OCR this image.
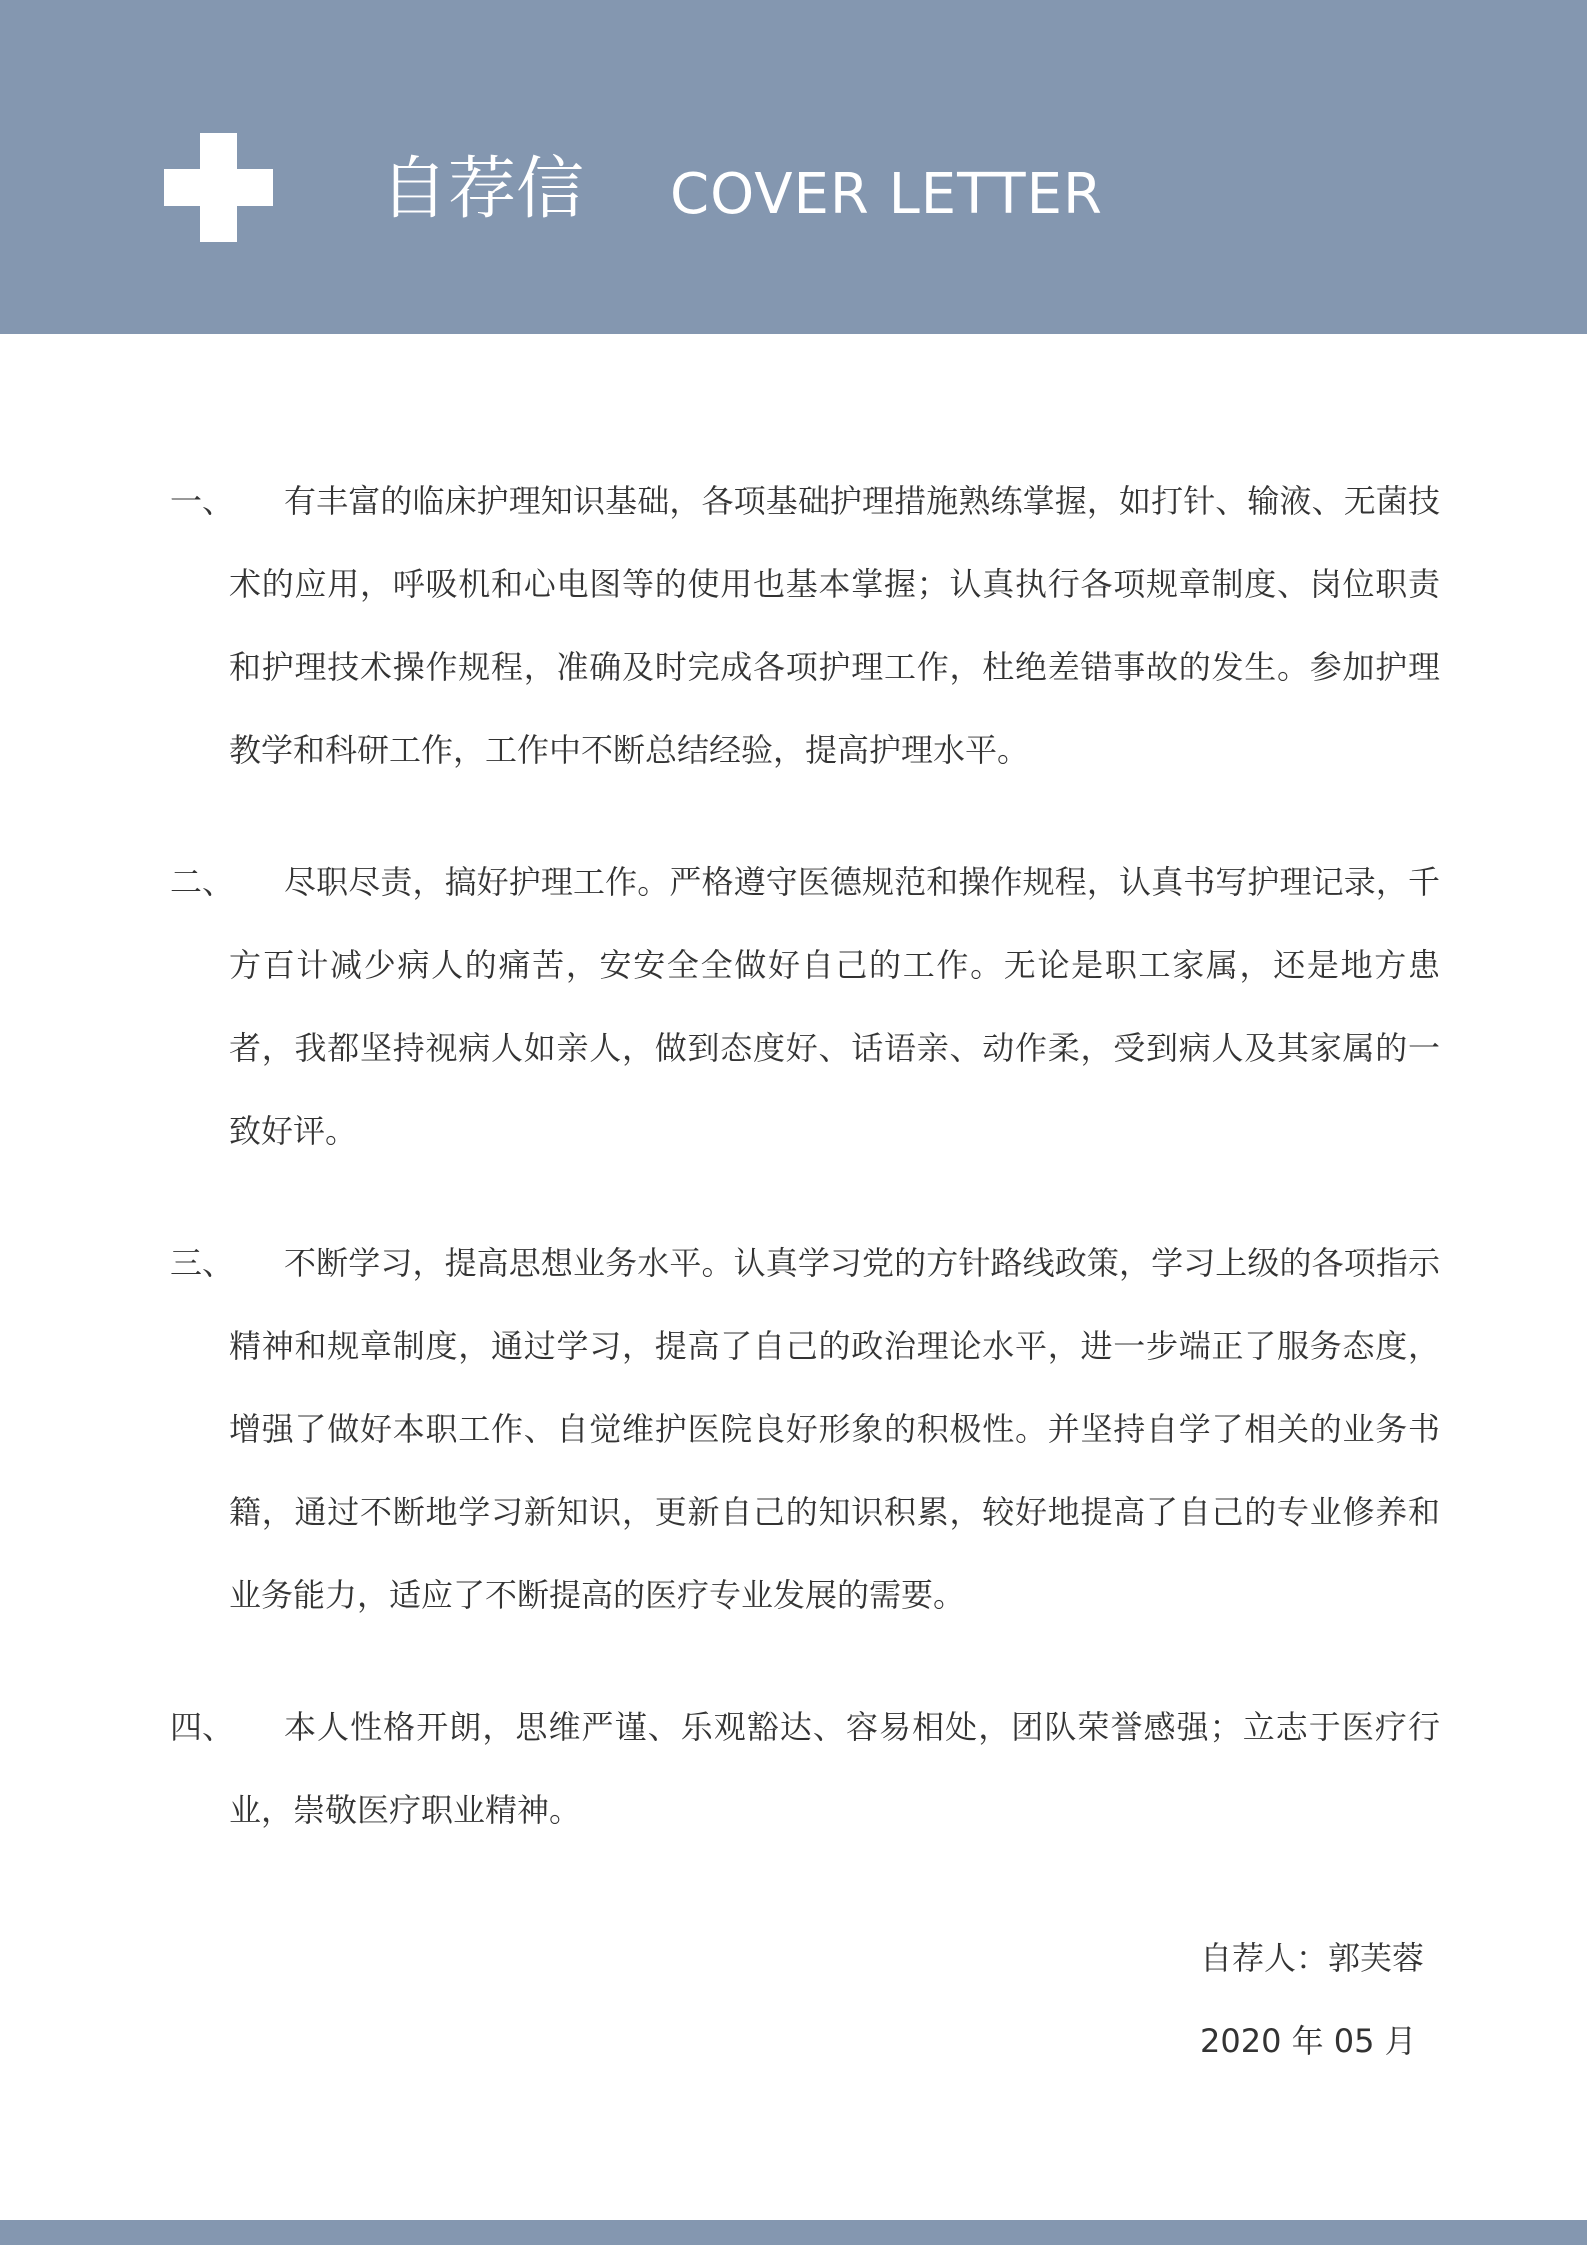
自荐信 COVER LETTER
一、	有丰富的临床护理知识基础，各项基础护理措施熟练掌握，如打针、输液、无菌技术的应用，呼吸机和心电图等的使用也基本掌握；认真执行各项规章制度、岗位职责和护理技术操作规程，准确及时完成各项护理工作，杜绝差错事故的发生。参加护理教学和科研工作，工作中不断总结经验，提高护理水平。
二、	尽职尽责，搞好护理工作。严格遵守医德规范和操作规程，认真书写护理记录，千方百计减少病人的痛苦，安安全全做好自己的工作。无论是职工家属，还是地方患者，我都坚持视病人如亲人，做到态度好、话语亲、动作柔，受到病人及其家属的一致好评。
三、	不断学习，提高思想业务水平。认真学习党的方针路线政策，学习上级的各项指示精神和规章制度，通过学习，提高了自己的政治理论水平，进一步端正了服务态度，增强了做好本职工作、自觉维护医院良好形象的积极性。并坚持自学了相关的业务书籍，通过不断地学习新知识，更新自己的知识积累，较好地提高了自己的专业修养和业务能力，适应了不断提高的医疗专业发展的需要。
四、	本人性格开朗，思维严谨、乐观豁达、容易相处，团队荣誉感强；立志于医疗行业，崇敬医疗职业精神。
自荐人：郭芙蓉
2020 年 05 月
